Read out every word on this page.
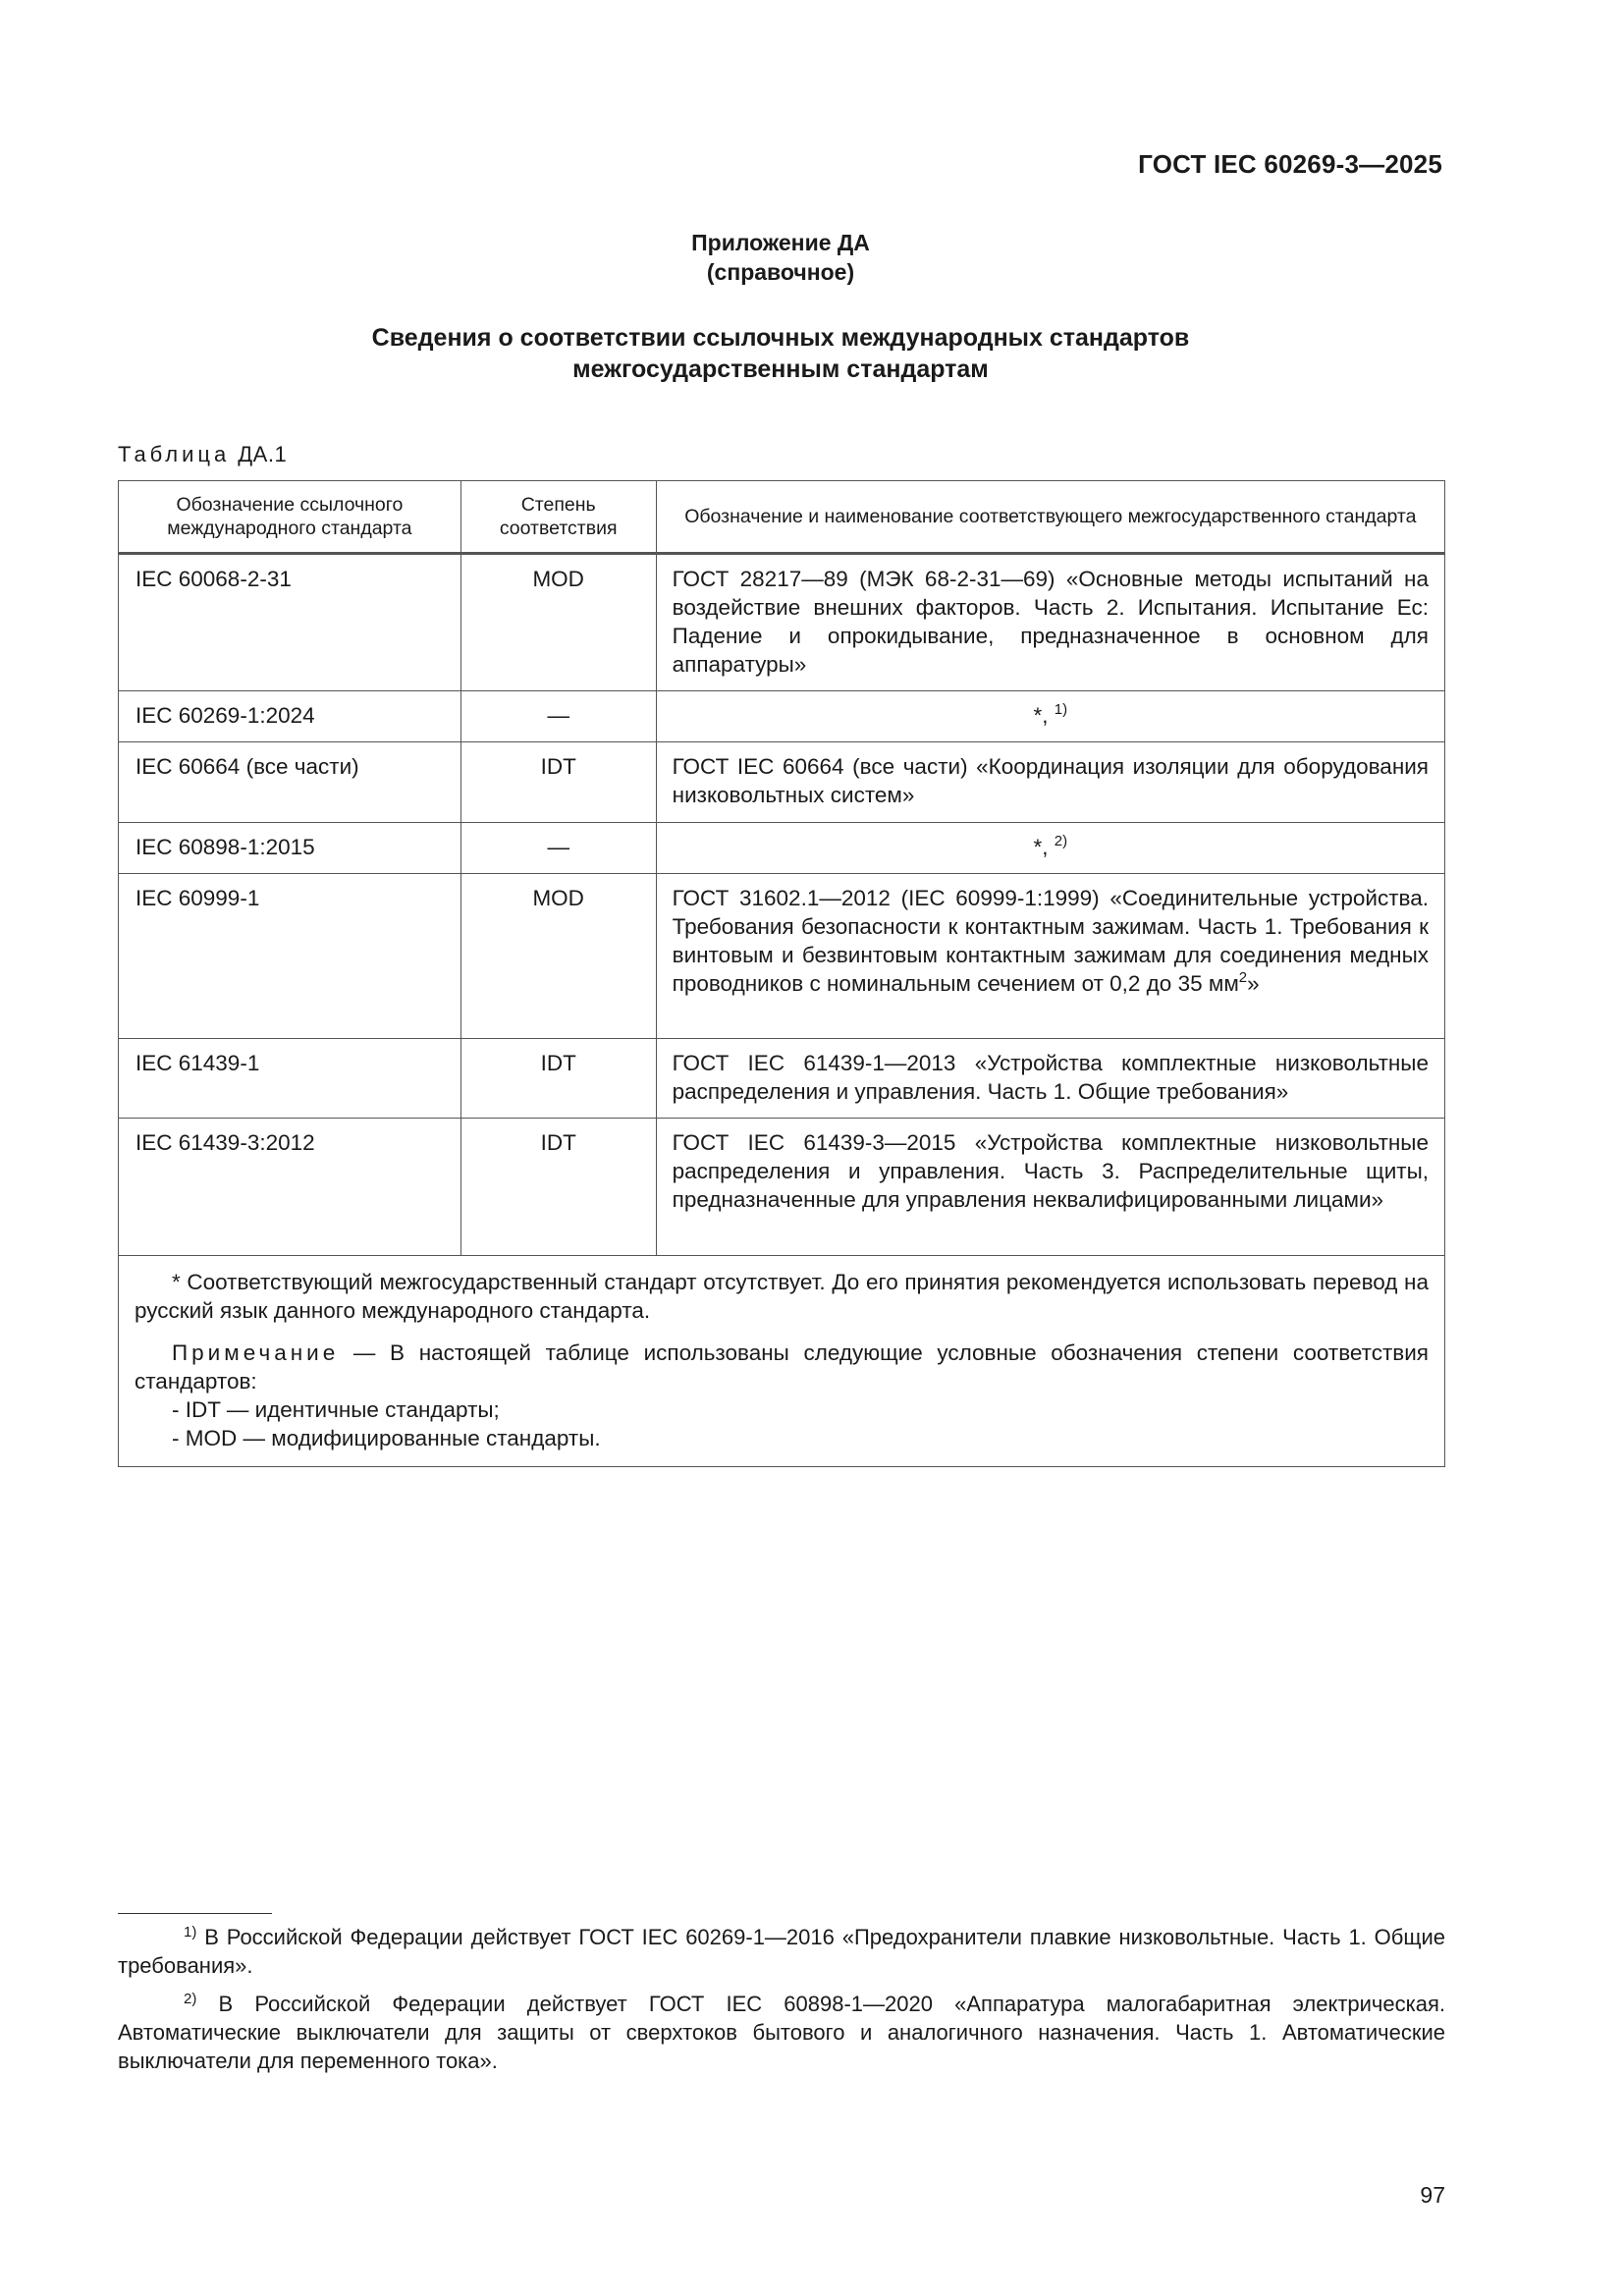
ГОСТ IEC 60269-3—2025
Приложение ДА
(справочное)
Сведения о соответствии ссылочных международных стандартов
межгосударственным стандартам
Таблица ДА.1
Обозначение ссылочного международного стандарта	Степень соответствия	Обозначение и наименование соответствующего межгосударственного стандарта
IEC 60068-2-31	MOD	ГОСТ 28217—89 (МЭК 68-2-31—69) «Основные методы испытаний на воздействие внешних факторов. Часть 2. Испытания. Испытание Ес: Падение и опрокидывание, предназначенное в основном для аппаратуры»
IEC 60269-1:2024	—	*, $^{1)}$
IEC 60664 (все части)	IDT	ГОСТ IEC 60664 (все части) «Координация изоляции для оборудования низковольтных систем»
IEC 60898-1:2015	—	*, $^{2)}$
IEC 60999-1	MOD	ГОСТ 31602.1—2012 (IEC 60999-1:1999) «Соединительные устройства. Требования безопасности к контактным зажимам. Часть 1. Требования к винтовым и безвинтовым контактным зажимам для соединения медных проводников с номинальным сечением от 0,2 до 35 $мм^2$»
IEC 61439-1	IDT	ГОСТ IEC 61439-1—2013 «Устройства комплектные низковольтные распределения и управления. Часть 1. Общие требования»
IEC 61439-3:2012	IDT	ГОСТ IEC 61439-3—2015 «Устройства комплектные низковольтные распределения и управления. Часть 3. Распределительные щиты, предназначенные для управления неквалифицированными лицами»

* Соответствующий межгосударственный стандарт отсутствует. До его принятия рекомендуется использовать перевод на русский язык данного международного стандарта.

Примечание — В настоящей таблице использованы следующие условные обозначения степени соответствия стандартов:

- IDT — идентичные стандарты;
- MOD — модифицированные стандарты.		

$^{1)}$ В Российской Федерации действует ГОСТ IEC 60269-1—2016 «Предохранители плавкие низковольтные. Часть 1. Общие требования».

$^{2)}$ В Российской Федерации действует ГОСТ IEC 60898-1—2020 «Аппаратура малогабаритная электрическая. Автоматические выключатели для защиты от сверхтоков бытового и аналогичного назначения. Часть 1. Автоматические выключатели для переменного тока».

97
